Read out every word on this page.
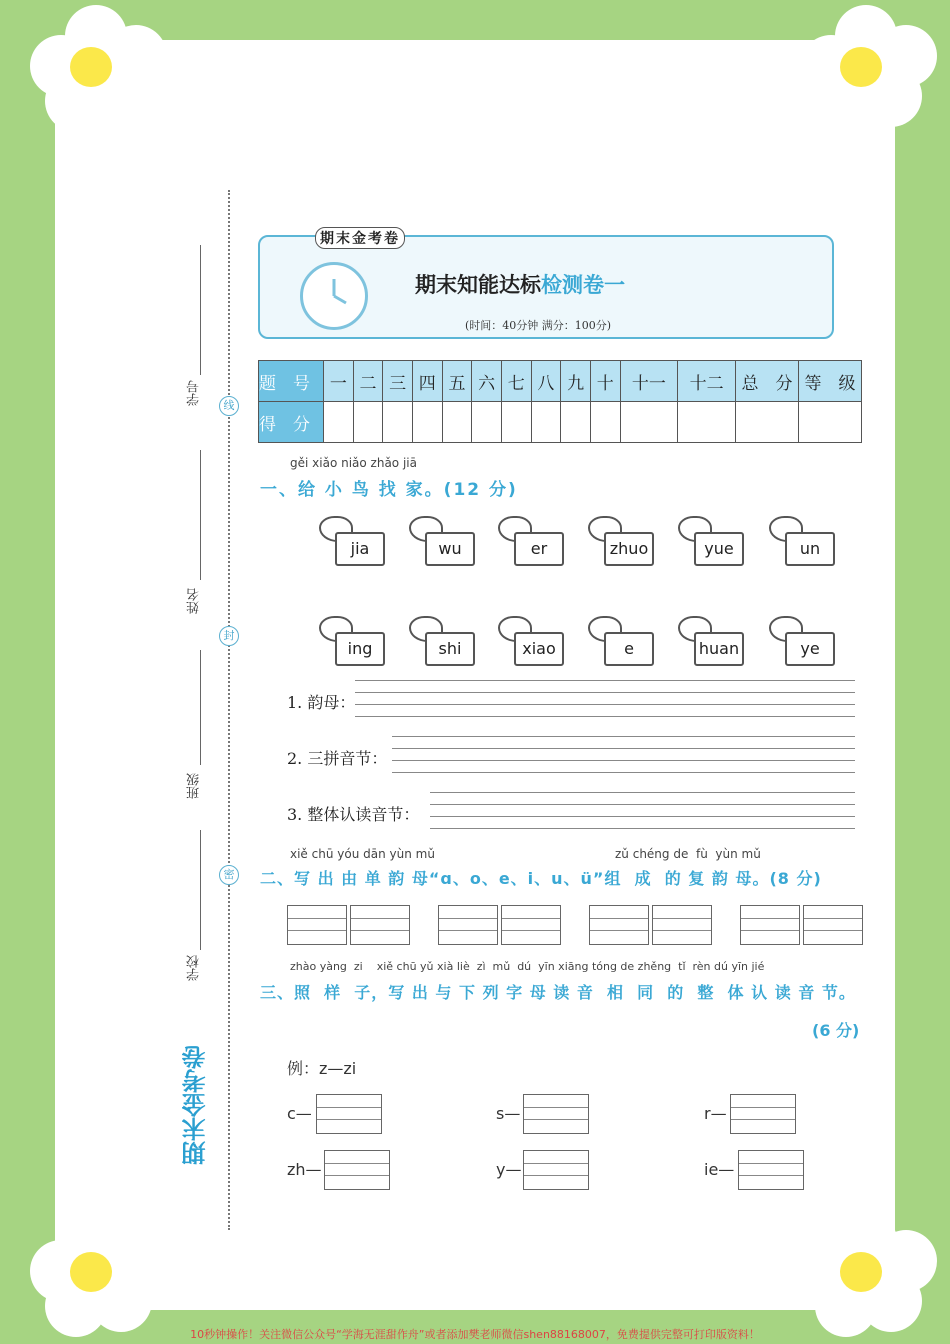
学号
姓名
班级
学校
线
封
密
期末金考卷
期末金考卷
期末知能达标检测卷一
(时间：40分钟 满分：100分)
题　号	一	二	三	四	五	六	七	八	九	十	十一	十二	总　分	等　级
得　分														
gěi xiǎo niǎo zhǎo jiā
一、给 小 鸟 找 家。(12 分)
jia	wu	er	zhuo	yue	un
ing	shi	xiao	e	huan	ye
1. 韵母：
2. 三拼音节：
3. 整体认读音节：
xiě chū yóu dān yùn mǔ	zǔ chéng de  fù  yùn mǔ
二、写 出 由 单 韵 母“ɑ、o、e、i、u、ü”组  成  的 复 韵 母。(8 分)
zhào yàng  zi    xiě chū yǔ xià liè  zì  mǔ  dú  yīn xiāng tóng de zhěng  tǐ  rèn dú yīn jié
三、照  样  子，写 出 与 下 列 字 母 读 音  相  同  的  整  体 认 读 音 节。
(6 分)
例：z—zi
c—	s—	r—
zh—	y—	ie—
10秒钟操作！关注微信公众号“学海无涯甜作舟”或者添加樊老师微信shen88168007，免费提供完整可打印版资料！
